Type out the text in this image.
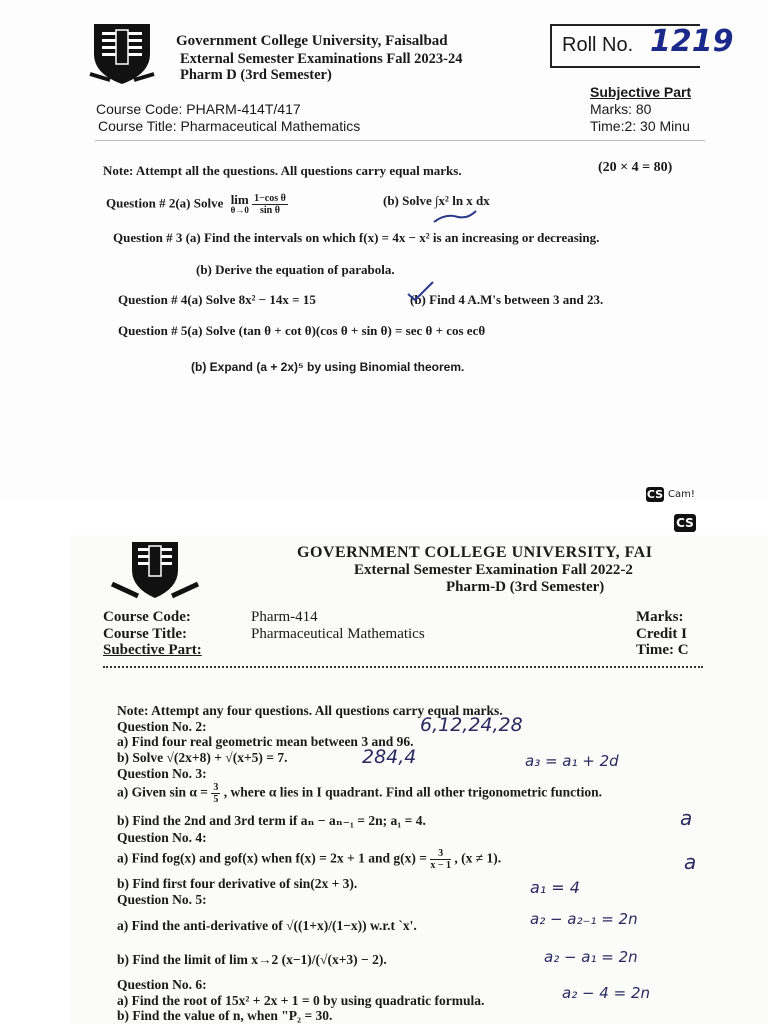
Government College University, Faisalbad
External Semester Examinations Fall 2023-24
Pharm D (3rd Semester)
Roll No. 1219
Course Code: PHARM-414T/417
Course Title: Pharmaceutical Mathematics
Subjective Part
Marks: 80
Time:2: 30 Minu
Note: Attempt all the questions. All questions carry equal marks.	(20 × 4 = 80)
Question # 2(a) Solve lim
θ→0
$\frac{\text{1−cos θ}}{\text{sin θ}}$	(b) Solve ∫x² ln x dx
Question # 3 (a) Find the intervals on which f(x) = 4x − x² is an increasing or decreasing.
(b) Derive the equation of parabola.
Question # 4(a) Solve 8x² − 14x = 15	(b) Find 4 A.M's between 3 and 23.
Question # 5(a) Solve (tan θ + cot θ)(cos θ + sin θ) = sec θ + cos ecθ
(b) Expand (a + 2x)⁵ by using Binomial theorem.
CS Cam!
CS
GOVERNMENT COLLEGE UNIVERSITY, FAI
External Semester Examination Fall 2022-2
Pharm-D (3rd Semester)
Course Code:	Pharm-414
Course Title:	Pharmaceutical Mathematics
Subective Part:
Marks:
Credit I
Time: C
Note: Attempt any four questions. All questions carry equal marks.
Question No. 2:
a) Find four real geometric mean between 3 and 96.
b) Solve √(2x+8) + √(x+5) = 7.
Question No. 3:
a) Given $\sin \alpha = \frac{3}{5}$ , where α lies in I quadrant. Find all other trigonometric function.
b) Find the 2nd and 3rd term if aₙ − aₙ₋₁ = 2n; a₁ = 4.
Question No. 4:
a) Find fog(x) and gof(x) when f(x) = 2x + 1 and $g(x) = \frac{3}{x - 1}$ , (x ≠ 1).
b) Find first four derivative of sin(2x + 3).
Question No. 5:
a) Find the anti-derivative of √((1+x)/(1−x)) w.r.t `x'.
b) Find the limit of lim x→2 (x−1)/(√(x+3) − 2).
Question No. 6:
a) Find the root of 15x² + 2x + 1 = 0 by using quadratic formula.
b) Find the value of n, when "P₂ = 30.
6,12,24,28
284,4	a₃ = a₁ + 2d
a₁ = 4
a₂ − a₂₋₁ = 2n
a₂ − a₁ = 2n
a₂ − 4 = 2n
a
a
